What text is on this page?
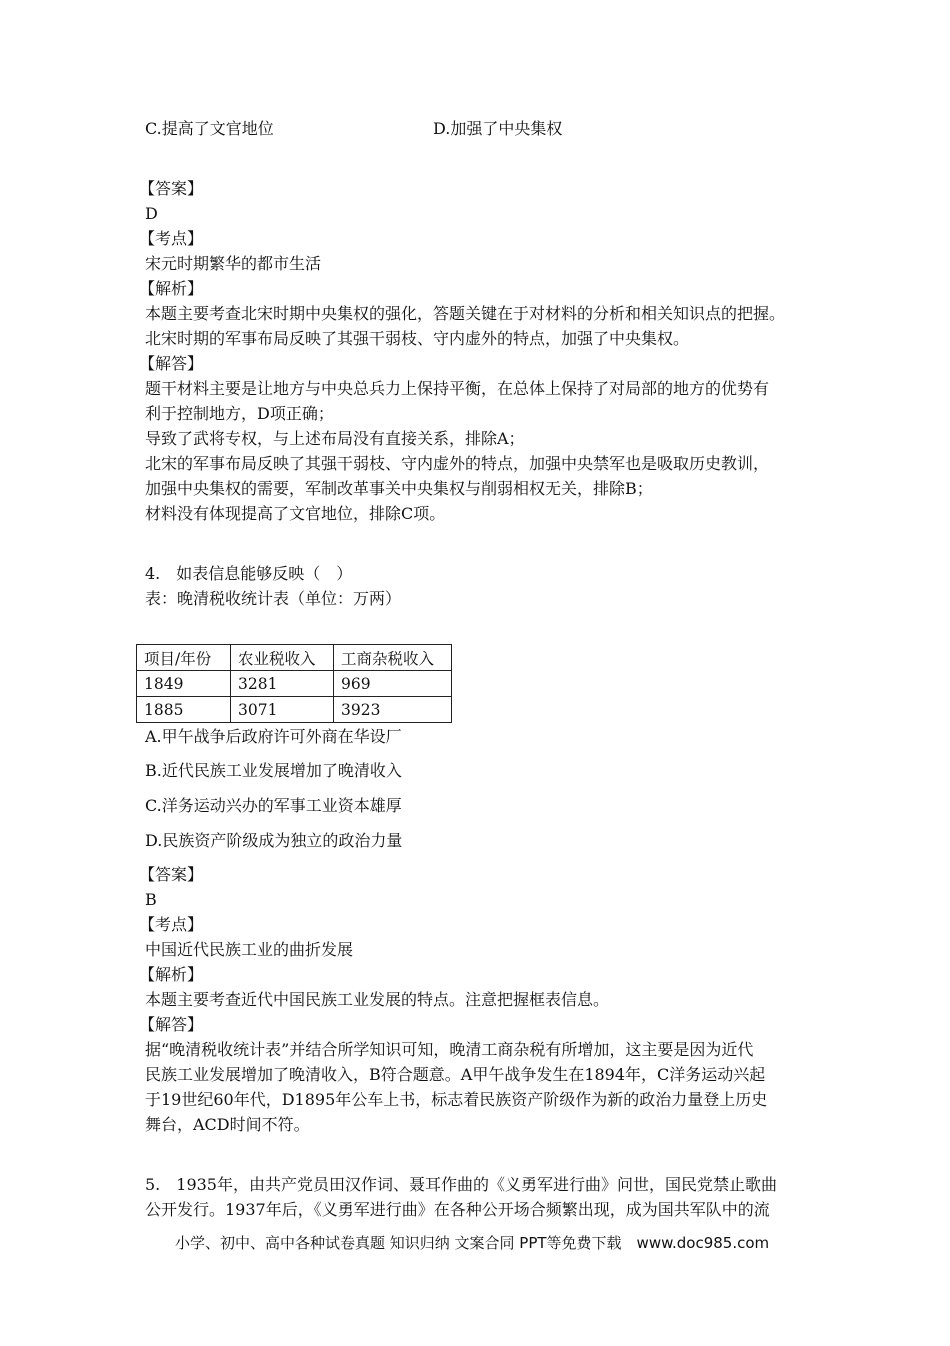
C.提高了文官地位	D.加强了中央集权
【答案】
D
【考点】
宋元时期繁华的都市生活
【解析】
本题主要考查北宋时期中央集权的强化，答题关键在于对材料的分析和相关知识点的把握。
北宋时期的军事布局反映了其强干弱枝、守内虚外的特点，加强了中央集权。
【解答】
题干材料主要是让地方与中央总兵力上保持平衡，在总体上保持了对局部的地方的优势有
利于控制地方，D项正确；
导致了武将专权，与上述布局没有直接关系，排除A；
北宋的军事布局反映了其强干弱枝、守内虚外的特点，加强中央禁军也是吸取历史教训，
加强中央集权的需要，军制改革事关中央集权与削弱相权无关，排除B；
材料没有体现提高了文官地位，排除C项。
4.　如表信息能够反映（　）
表：晚清税收统计表（单位：万两）
项目/年份	农业税收入	工商杂税收入
1849	3281	969
1885	3071	3923
A.甲午战争后政府许可外商在华设厂
B.近代民族工业发展增加了晚清收入
C.洋务运动兴办的军事工业资本雄厚
D.民族资产阶级成为独立的政治力量
【答案】
B
【考点】
中国近代民族工业的曲折发展
【解析】
本题主要考查近代中国民族工业发展的特点。注意把握框表信息。
【解答】
据“晚清税收统计表”并结合所学知识可知，晚清工商杂税有所增加，这主要是因为近代
民族工业发展增加了晚清收入，B符合题意。A甲午战争发生在1894年，C洋务运动兴起
于19世纪60年代，D1895年公车上书，标志着民族资产阶级作为新的政治力量登上历史
舞台，ACD时间不符。
5.　1935年，由共产党员田汉作词、聂耳作曲的《义勇军进行曲》问世，国民党禁止歌曲
公开发行。1937年后，《义勇军进行曲》在各种公开场合频繁出现，成为国共军队中的流
小学、初中、高中各种试卷真题 知识归纳 文案合同 PPT等免费下载　www.doc985.com
